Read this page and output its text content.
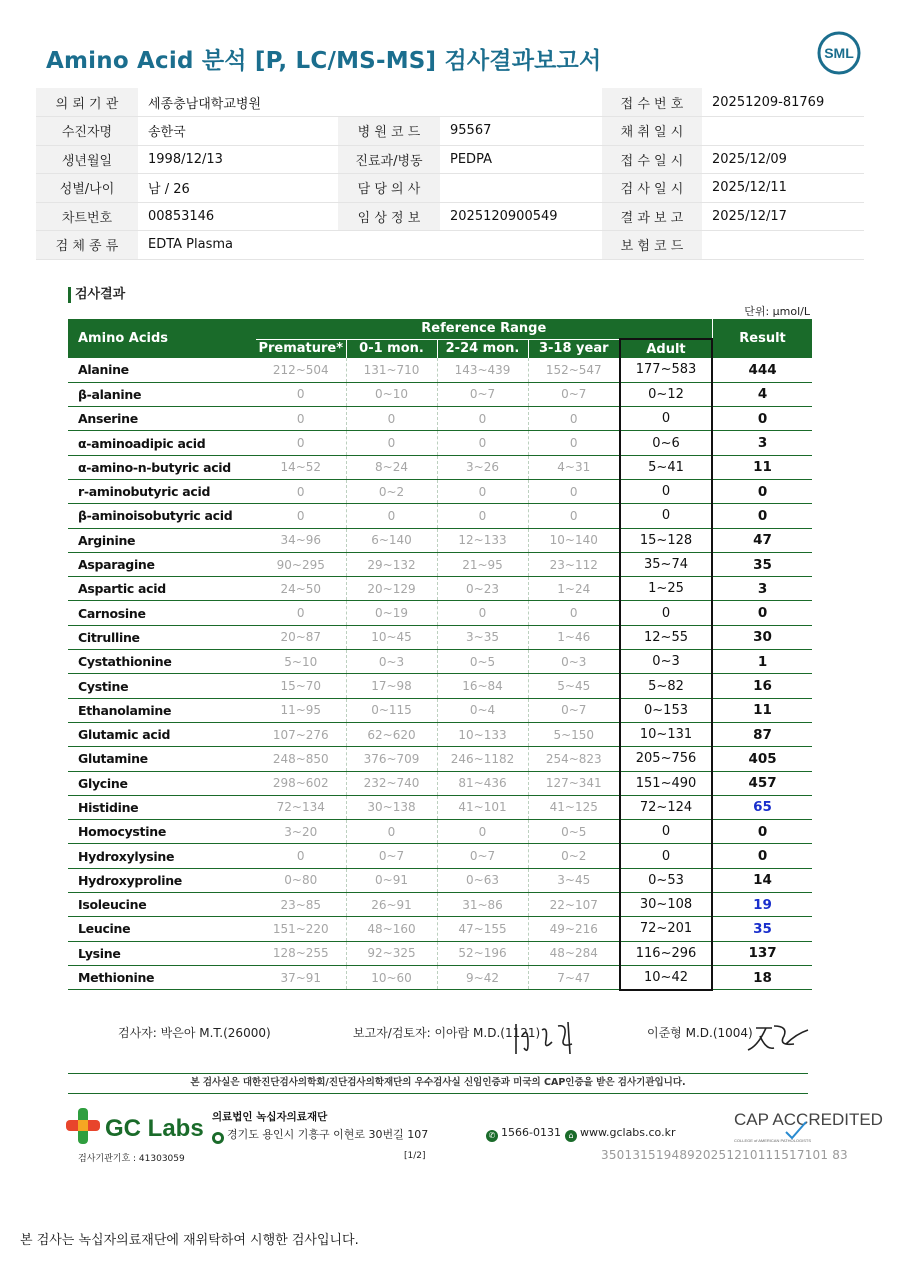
Amino Acid 분석 [P, LC/MS-MS] 검사결과보고서	SML
의 뢰 기 관	세종충남대학교병원			접 수 번 호	20251209-81769
수진자명	송한국	병 원 코 드	95567	채 취 일 시	
생년월일	1998/12/13	진료과/병동	PEDPA	접 수 일 시	2025/12/09
성별/나이	남 / 26	담 당 의 사		검 사 일 시	2025/12/11
차트번호	00853146	임 상 정 보	2025120900549	결 과 보 고	2025/12/17
검 체 종 류	EDTA Plasma			보 험 코 드	
검사결과
단위: μmol/L
Amino Acids	Reference Range					Result
	Premature*	0-1 mon.	2-24 mon.	3-18 year	Adult	
Alanine	212~504	131~710	143~439	152~547	177~583	444
β-alanine	0	0~10	0~7	0~7	0~12	4
Anserine	0	0	0	0	0	0
α-aminoadipic acid	0	0	0	0	0~6	3
α-amino-n-butyric acid	14~52	8~24	3~26	4~31	5~41	11
r-aminobutyric acid	0	0~2	0	0	0	0
β-aminoisobutyric acid	0	0	0	0	0	0
Arginine	34~96	6~140	12~133	10~140	15~128	47
Asparagine	90~295	29~132	21~95	23~112	35~74	35
Aspartic acid	24~50	20~129	0~23	1~24	1~25	3
Carnosine	0	0~19	0	0	0	0
Citrulline	20~87	10~45	3~35	1~46	12~55	30
Cystathionine	5~10	0~3	0~5	0~3	0~3	1
Cystine	15~70	17~98	16~84	5~45	5~82	16
Ethanolamine	11~95	0~115	0~4	0~7	0~153	11
Glutamic acid	107~276	62~620	10~133	5~150	10~131	87
Glutamine	248~850	376~709	246~1182	254~823	205~756	405
Glycine	298~602	232~740	81~436	127~341	151~490	457
Histidine	72~134	30~138	41~101	41~125	72~124	65
Homocystine	3~20	0	0	0~5	0	0
Hydroxylysine	0	0~7	0~7	0~2	0	0
Hydroxyproline	0~80	0~91	0~63	3~45	0~53	14
Isoleucine	23~85	26~91	31~86	22~107	30~108	19
Leucine	151~220	48~160	47~155	49~216	72~201	35
Lysine	128~255	92~325	52~196	48~284	116~296	137
Methionine	37~91	10~60	9~42	7~47	10~42	18
검사자: 박은아 M.T.(26000)	보고자/검토자: 이아람 M.D.(1121)	이준형 M.D.(1004)
본 검사실은 대한진단검사의학회/진단검사의학재단의 우수검사실 신임인증과 미국의 CAP인증을 받은 검사기관입니다.
GC Labs 의료법인 녹십자의료재단
● 경기도 용인시 기흥구 이현로 30번길 107	✆ 1566-0131 ⌂ www.gclabs.co.kr
CAP ACCREDITED
COLLEGE of AMERICAN PATHOLOGISTS
검사기관기호 : 41303059	[1/2]	35013151948920251210111517101 83
본 검사는 녹십자의료재단에 재위탁하여 시행한 검사입니다.
